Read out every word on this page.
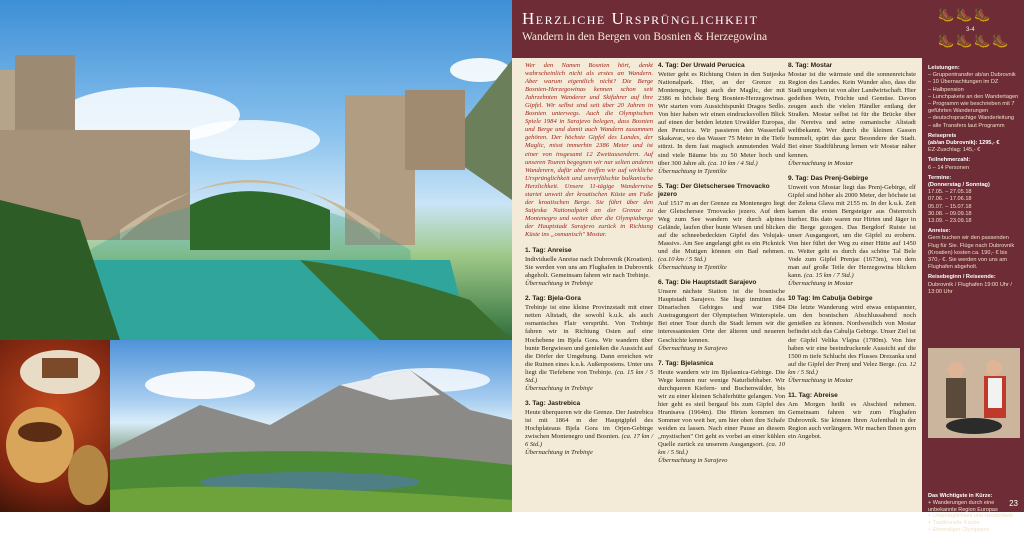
Herzliche Ursprünglichkeit
Wandern in den Bergen von Bosnien & Herzegowina
🥾 🥾 🥾
3-4
🥾 🥾 🥾 🥾

Wer den Namen Bosnien hört, denkt wahrscheinlich nicht als erstes an Wandern. Aber warum eigentlich nicht? Die Berge Bosnien-Herzegowinas kennen schon seit Jahrzehnten Wanderer und Skifahrer auf ihre Gipfel. Wir selbst sind seit über 20 Jahren in Bosnien unterwegs. Auch die Olympischen Spiele 1984 in Sarajevo belegen, dass Bosnien und Berge und damit auch Wandern zusammen gehören. Der höchste Gipfel des Landes, der Maglic, misst immerhin 2386 Meter und ist einer von insgesamt 12 Zweitausendern. Auf unseren Touren begegnen wir nur selten anderen Wanderern, dafür aber treffen wir auf wirkliche Ursprünglichkeit und unverfälschte balkanische Herzlichkeit. Unsere 11-tägige Wanderreise startet unweit der kroatischen Küste am Fuße der kroatischen Berge. Sie führt über den Sutjeska Nationalpark an der Grenze zu Montenegro und weiter über die Olympiaberge der Hauptstadt Sarajevo zurück in Richtung Küste ins „osmanisch" Mostar.

1. Tag: Anreise
Individuelle Anreise nach Dubrovnik (Kroatien). Sie werden von uns am Flughafen in Dubrovnik abgeholt. Gemeinsam fahren wir nach Trebinje.
Übernachtung in Trebinje
2. Tag: Bjela-Gora
Trebinje ist eine kleine Provinzstadt mit einer netten Altstadt, die sowohl k.u.k. als auch osmanisches Flair versprüht. Von Trebinje fahren wir in Richtung Osten auf eine Hochebene im Bjela Gora. Wir wandern über bunte Bergwiesen und genießen die Aussicht auf die Dörfer der Umgebung. Dann erreichen wir die Ruinen eines k.u.k. Außenpostens. Unter uns liegt die Tiefebene von Trebinje. (ca. 15 km / 5 Std.)
Übernachtung in Trebinje
3. Tag: Jastrebica
Heute überqueren wir die Grenze. Der Jastrebica ist mit 1864 m der Hauptgipfel des Hochplateaus Bjela Gora im Orjen-Gebirge zwischen Montenegro und Bosnien. (ca. 17 km / 6 Std.)
Übernachtung in Trebinje
4. Tag: Der Urwald Perucica
Weiter geht es Richtung Osten in den Sutjeska Nationalpark. Hier, an der Grenze zu Montenegro, liegt auch der Maglic, der mit 2386 m höchste Berg Bosnien-Herzegowinas. Wir starten vom Aussichtspunkt Dragos Sedlo. Von hier haben wir einen eindrucksvollen Blick auf einen der beiden letzten Urwälder Europas, den Perucica. Wir passieren den Wasserfall Skakavac, wo das Wasser 75 Meter in die Tiefe stürzt. In dem fast magisch anmutenden Wald sind viele Bäume bis zu 50 Meter hoch und über 300 Jahre alt. (ca. 10 km / 4 Std.)
Übernachtung in Tjentište
5. Tag: Der Gletschersee Trnovacko jezero
Auf 1517 m an der Grenze zu Montenegro liegt der Gletschersee Trnovacko jezero. Auf dem Weg zum See wandern wir durch alpines Gelände, laufen über bunte Wiesen und blicken auf die schneebedeckten Gipfel des Volujak-Massivs. Am See angelangt gibt es ein Picknick und die Mutigen können ein Bad nehmen. (ca.10 km / 5 Std.)
Übernachtung in Tjentište
6. Tag: Die Hauptstadt Sarajevo
Unsere nächste Station ist die bosnische Hauptstadt Sarajevo. Sie liegt inmitten des Dinarischen Gebirges und war 1984 Austragungsort der Olympischen Winterspiele. Bei einer Tour durch die Stadt lernen wir die interessantesten Orte der älteren und neueren Geschichte kennen.
Übernachtung in Sarajevo
7. Tag: Bjelasnica
Heute wandern wir im Bjelasnica-Gebirge. Die Wege kennen nur wenige Naturliebhaber. Wir durchqueren Kiefern- und Buchenwälder, bis wir zu einer kleinen Schäferhütte gelangen. Von hier geht es steil bergauf bis zum Gipfel des Hranisava (1964m). Die Hirten kommen im Sommer von weit her, um hier oben ihre Schafe weiden zu lassen. Nach einer Pause an diesem „mystischen" Ort geht es vorbei an einer kühlen Quelle zurück zu unserem Ausgangsort. (ca. 10 km / 5 Std.)
Übernachtung in Sarajevo
8. Tag: Mostar
Mostar ist die wärmste und die sonnenreichste Region des Landes. Kein Wunder also, dass die Stadt umgeben ist von alter Landwirtschaft. Hier gedeihen Wein, Früchte und Gemüse. Davon zeugen auch die vielen Händler entlang der Straßen. Mostar selbst ist für die Brücke über die Neretva und seine osmanische Altstadt weltbekannt. Wer durch die kleinen Gassen bummelt, spürt das ganz Besondere der Stadt. Bei einer Stadtführung lernen wir Mostar näher kennen.
Übernachtung in Mostar
9. Tag: Das Prenj-Gebirge
Unweit von Mostar liegt das Prenj-Gebirge, elf Gipfel sind höher als 2000 Meter, der höchste ist der Zelena Glava mit 2155 m. In der k.u.k. Zeit kamen die ersten Bergsteiger aus Österreich hierher. Bis dato waren nur Hirten und Jäger in die Berge gezogen. Das Bergdorf Ruiste ist unser Ausgangsort, um die Gipfel zu erobern. Von hier führt der Weg zu einer Hütte auf 1450 m. Weiter geht es durch das schöne Tal Bele Vode zum Gipfel Prenjac (1673m), von dem man auf große Teile der Herzegowina blicken kann. (ca. 15 km / 7 Std.)
Übernachtung in Mostar
10 Tag: Im Cabulja Gebirge
Die letzte Wanderung wird etwas entspannter, um den bosnischen Abschlussabend noch genießen zu können. Nordwestlich von Mostar befindet sich das Cabulja Gebirge. Unser Ziel ist der Gipfel Velika Vlajna (1780m). Von hier haben wir eine beeindruckende Aussicht auf die 1500 m tiefe Schlucht des Flusses Drezanka und auf die Gipfel der Prenj und Velez Berge. (ca. 12 km / 5 Std.)
Übernachtung in Mostar
11. Tag: Abreise
Am Morgen heißt es Abschied nehmen. Gemeinsam fahren wir zum Flughafen Dubrovnik. Sie können Ihren Aufenthalt in der Region auch verlängern. Wir machen Ihnen gern ein Angebot.
Leistungen:
– Gruppentransfer ab/an Dubrovnik
– 10 Übernachtungen im DZ
– Halbpension
– Lunchpakete an den Wandertagen
– Programm wie beschrieben mit 7 geführten Wanderungen
– deutschsprachige Wanderleitung
– alle Transfers laut Programm
Reisepreis
(ab/an Dubrovnik): 1295,- €
EZ-Zuschlag: 145,- €
Teilnehmerzahl:
6 – 14 Personen
Termine:
(Donnerstag / Sonntag)
17.05. – 27.05.18
07.06. – 17.06.18
05.07. – 15.07.18
30.08. – 09.09.18
13.09. – 23.09.18
Anreise:
Gern buchen wir den passenden Flug für Sie. Flüge nach Dubrovnik (Kroatien) kosten ca. 190,- € bis 370,- €. Sie werden von uns am Flughafen abgeholt.
Reisebeginn / Reiseende:
Dubrovnik / Flughafen 19:00 Uhr / 13:00 Uhr
Das Wichtigste in Kürze:
+ Wanderungen durch eine unbekannte Region Europas
+ Ursprünglichkeit und Herzlichkeit
+ Traditionelle Küche
+ Ehemaliger Olympiaort
23
